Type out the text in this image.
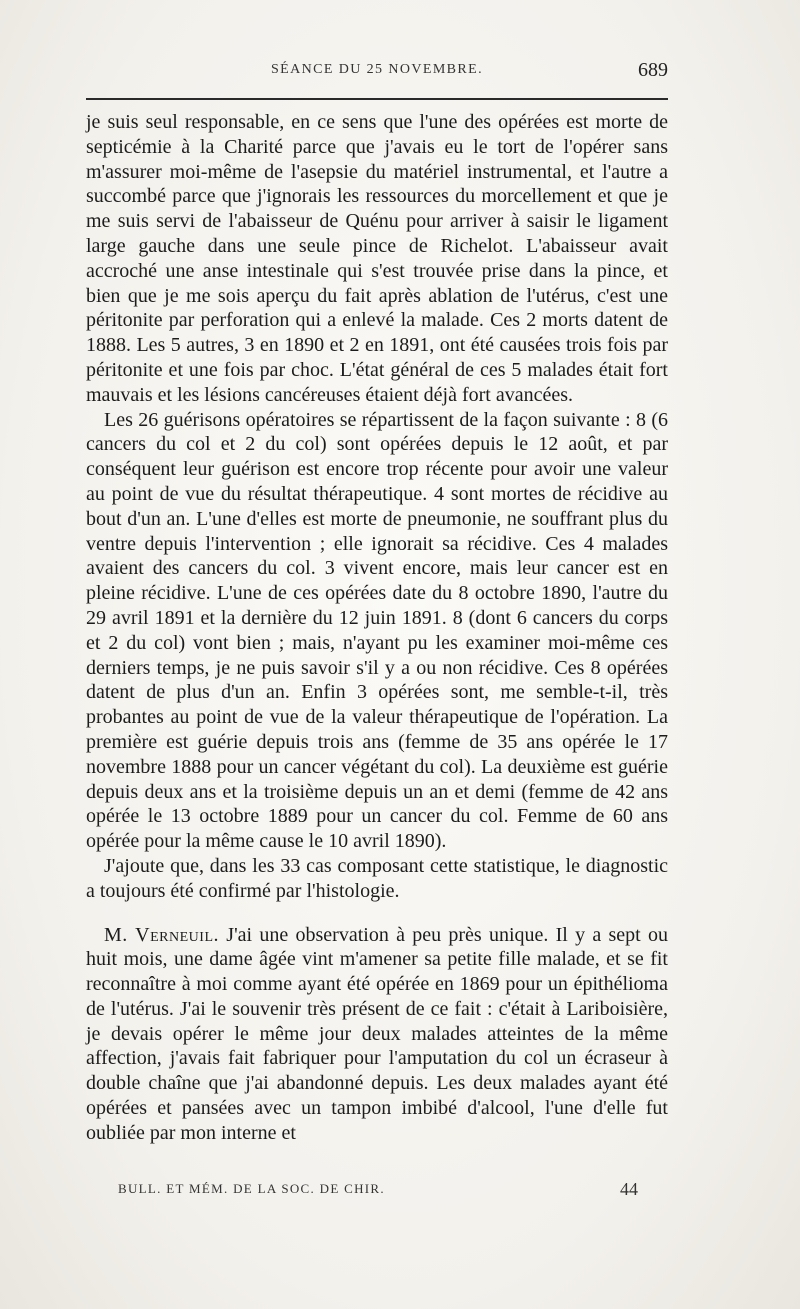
SÉANCE DU 25 NOVEMBRE.	689

je suis seul responsable, en ce sens que l'une des opérées est morte de septicémie à la Charité parce que j'avais eu le tort de l'opérer sans m'assurer moi-même de l'asepsie du matériel instrumental, et l'autre a succombé parce que j'ignorais les ressources du morcellement et que je me suis servi de l'abaisseur de Quénu pour arriver à saisir le ligament large gauche dans une seule pince de Richelot. L'abaisseur avait accroché une anse intestinale qui s'est trouvée prise dans la pince, et bien que je me sois aperçu du fait après ablation de l'utérus, c'est une péritonite par perforation qui a enlevé la malade. Ces 2 morts datent de 1888. Les 5 autres, 3 en 1890 et 2 en 1891, ont été causées trois fois par péritonite et une fois par choc. L'état général de ces 5 malades était fort mauvais et les lésions cancéreuses étaient déjà fort avancées.

Les 26 guérisons opératoires se répartissent de la façon suivante : 8 (6 cancers du col et 2 du col) sont opérées depuis le 12 août, et par conséquent leur guérison est encore trop récente pour avoir une valeur au point de vue du résultat thérapeutique. 4 sont mortes de récidive au bout d'un an. L'une d'elles est morte de pneumonie, ne souffrant plus du ventre depuis l'intervention ; elle ignorait sa récidive. Ces 4 malades avaient des cancers du col. 3 vivent encore, mais leur cancer est en pleine récidive. L'une de ces opérées date du 8 octobre 1890, l'autre du 29 avril 1891 et la dernière du 12 juin 1891. 8 (dont 6 cancers du corps et 2 du col) vont bien ; mais, n'ayant pu les examiner moi-même ces derniers temps, je ne puis savoir s'il y a ou non récidive. Ces 8 opérées datent de plus d'un an. Enfin 3 opérées sont, me semble-t-il, très probantes au point de vue de la valeur thérapeutique de l'opération. La première est guérie depuis trois ans (femme de 35 ans opérée le 17 novembre 1888 pour un cancer végétant du col). La deuxième est guérie depuis deux ans et la troisième depuis un an et demi (femme de 42 ans opérée le 13 octobre 1889 pour un cancer du col. Femme de 60 ans opérée pour la même cause le 10 avril 1890).

J'ajoute que, dans les 33 cas composant cette statistique, le diagnostic a toujours été confirmé par l'histologie.

M. Verneuil. J'ai une observation à peu près unique. Il y a sept ou huit mois, une dame âgée vint m'amener sa petite fille malade, et se fit reconnaître à moi comme ayant été opérée en 1869 pour un épithélioma de l'utérus. J'ai le souvenir très présent de ce fait : c'était à Lariboisière, je devais opérer le même jour deux malades atteintes de la même affection, j'avais fait fabriquer pour l'amputation du col un écraseur à double chaîne que j'ai abandonné depuis. Les deux malades ayant été opérées et pansées avec un tampon imbibé d'alcool, l'une d'elle fut oubliée par mon interne et

BULL. ET MÉM. DE LA SOC. DE CHIR.	44
